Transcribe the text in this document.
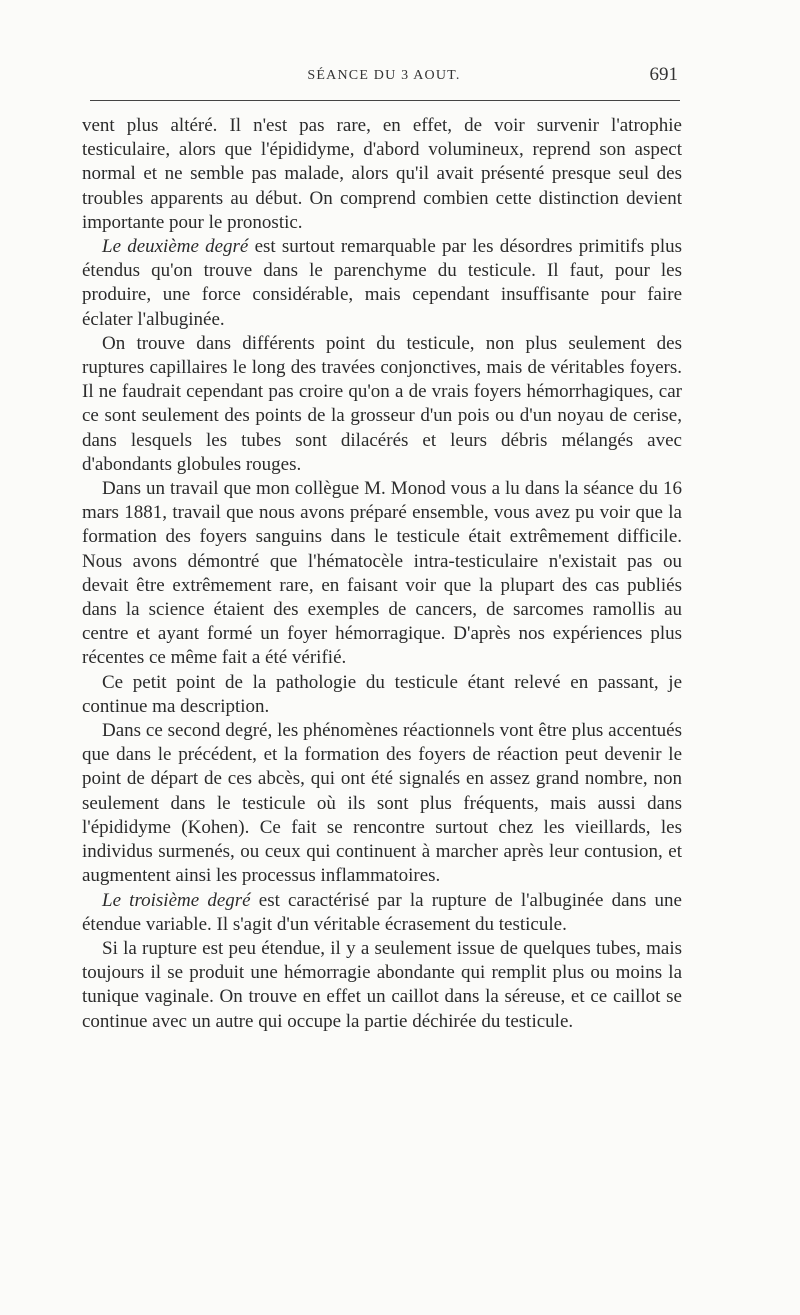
SÉANCE DU 3 AOUT.	691

vent plus altéré. Il n'est pas rare, en effet, de voir survenir l'atrophie testiculaire, alors que l'épididyme, d'abord volumineux, reprend son aspect normal et ne semble pas malade, alors qu'il avait présenté presque seul des troubles apparents au début. On comprend combien cette distinction devient importante pour le pronostic.

Le deuxième degré est surtout remarquable par les désordres primitifs plus étendus qu'on trouve dans le parenchyme du testicule. Il faut, pour les produire, une force considérable, mais cependant insuffisante pour faire éclater l'albuginée.

On trouve dans différents point du testicule, non plus seulement des ruptures capillaires le long des travées conjonctives, mais de véritables foyers. Il ne faudrait cependant pas croire qu'on a de vrais foyers hémorrhagiques, car ce sont seulement des points de la grosseur d'un pois ou d'un noyau de cerise, dans lesquels les tubes sont dilacérés et leurs débris mélangés avec d'abondants globules rouges.

Dans un travail que mon collègue M. Monod vous a lu dans la séance du 16 mars 1881, travail que nous avons préparé ensemble, vous avez pu voir que la formation des foyers sanguins dans le testicule était extrêmement difficile. Nous avons démontré que l'hématocèle intra-testiculaire n'existait pas ou devait être extrêmement rare, en faisant voir que la plupart des cas publiés dans la science étaient des exemples de cancers, de sarcomes ramollis au centre et ayant formé un foyer hémorragique. D'après nos expériences plus récentes ce même fait a été vérifié.

Ce petit point de la pathologie du testicule étant relevé en passant, je continue ma description.

Dans ce second degré, les phénomènes réactionnels vont être plus accentués que dans le précédent, et la formation des foyers de réaction peut devenir le point de départ de ces abcès, qui ont été signalés en assez grand nombre, non seulement dans le testicule où ils sont plus fréquents, mais aussi dans l'épididyme (Kohen). Ce fait se rencontre surtout chez les vieillards, les individus surmenés, ou ceux qui continuent à marcher après leur contusion, et augmentent ainsi les processus inflammatoires.

Le troisième degré est caractérisé par la rupture de l'albuginée dans une étendue variable. Il s'agit d'un véritable écrasement du testicule.

Si la rupture est peu étendue, il y a seulement issue de quelques tubes, mais toujours il se produit une hémorragie abondante qui remplit plus ou moins la tunique vaginale. On trouve en effet un caillot dans la séreuse, et ce caillot se continue avec un autre qui occupe la partie déchirée du testicule.
